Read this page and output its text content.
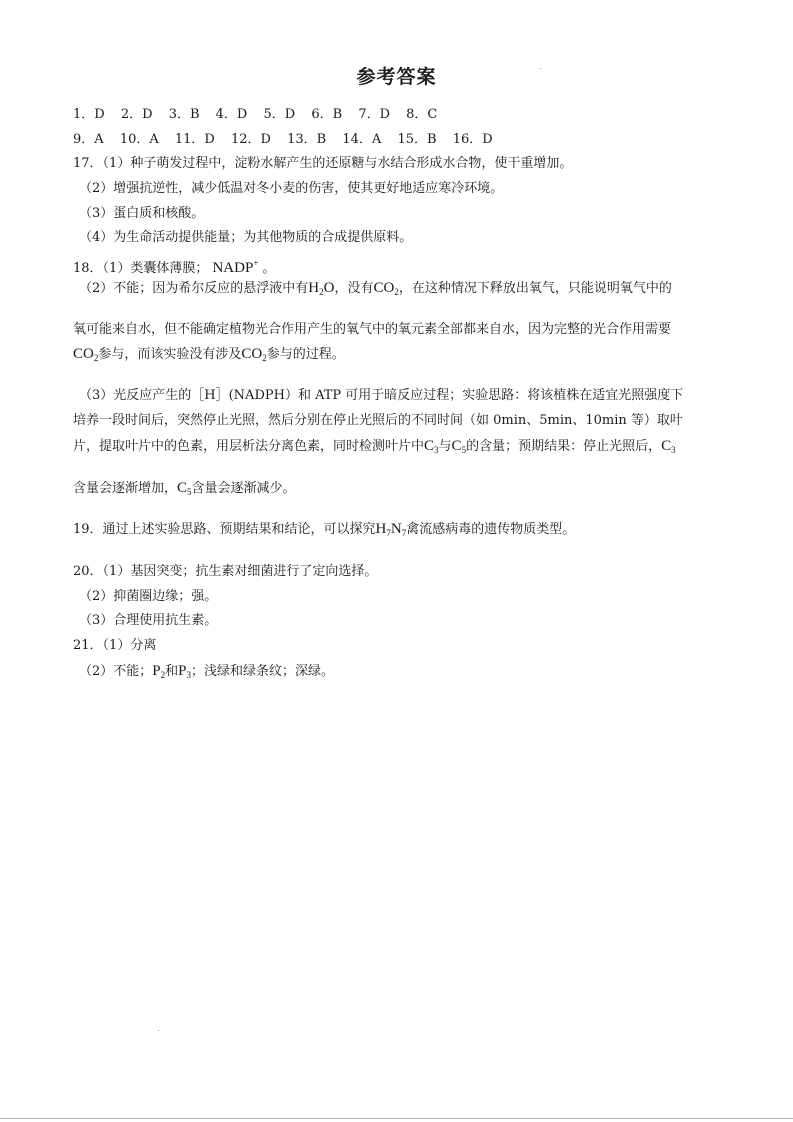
参考答案
1．D 2．D 3．B 4．D 5．D 6．B 7．D 8．C
9．A 10．A 11．D 12．D 13．B 14．A 15．B 16．D
17．（1）种子萌发过程中，淀粉水解产生的还原糖与水结合形成水合物，使干重增加。
（2）增强抗逆性，减少低温对冬小麦的伤害，使其更好地适应寒冷环境。
（3）蛋白质和核酸。
（4）为生命活动提供能量；为其他物质的合成提供原料。
18．（1）类囊体薄膜； NADP+ 。
（2）不能；因为希尔反应的悬浮液中有$H_2O$，没有$CO_2$，在这种情况下释放出氧气，只能说明氧气中的
氧可能来自水，但不能确定植物光合作用产生的氧气中的氧元素全部都来自水，因为完整的光合作用需要
$CO_2$参与，而该实验没有涉及$CO_2$参与的过程。
（3）光反应产生的［H］(NADPH）和 ATP 可用于暗反应过程；实验思路：将该植株在适宜光照强度下
培养一段时间后，突然停止光照，然后分别在停止光照后的不同时间（如 0min、5min、10min 等）取叶
片，提取叶片中的色素，用层析法分离色素，同时检测叶片中$C_3$与$C_5$的含量；预期结果：停止光照后，$C_3$
含量会逐渐增加，$C_5$含量会逐渐减少。
19．通过上述实验思路、预期结果和结论，可以探究$H_7N_7$禽流感病毒的遗传物质类型。
20．（1）基因突变；抗生素对细菌进行了定向选择。
（2）抑菌圈边缘；强。
（3）合理使用抗生素。
21．（1）分离
（2）不能；$P_2$和$P_3$；浅绿和绿条纹；深绿。
